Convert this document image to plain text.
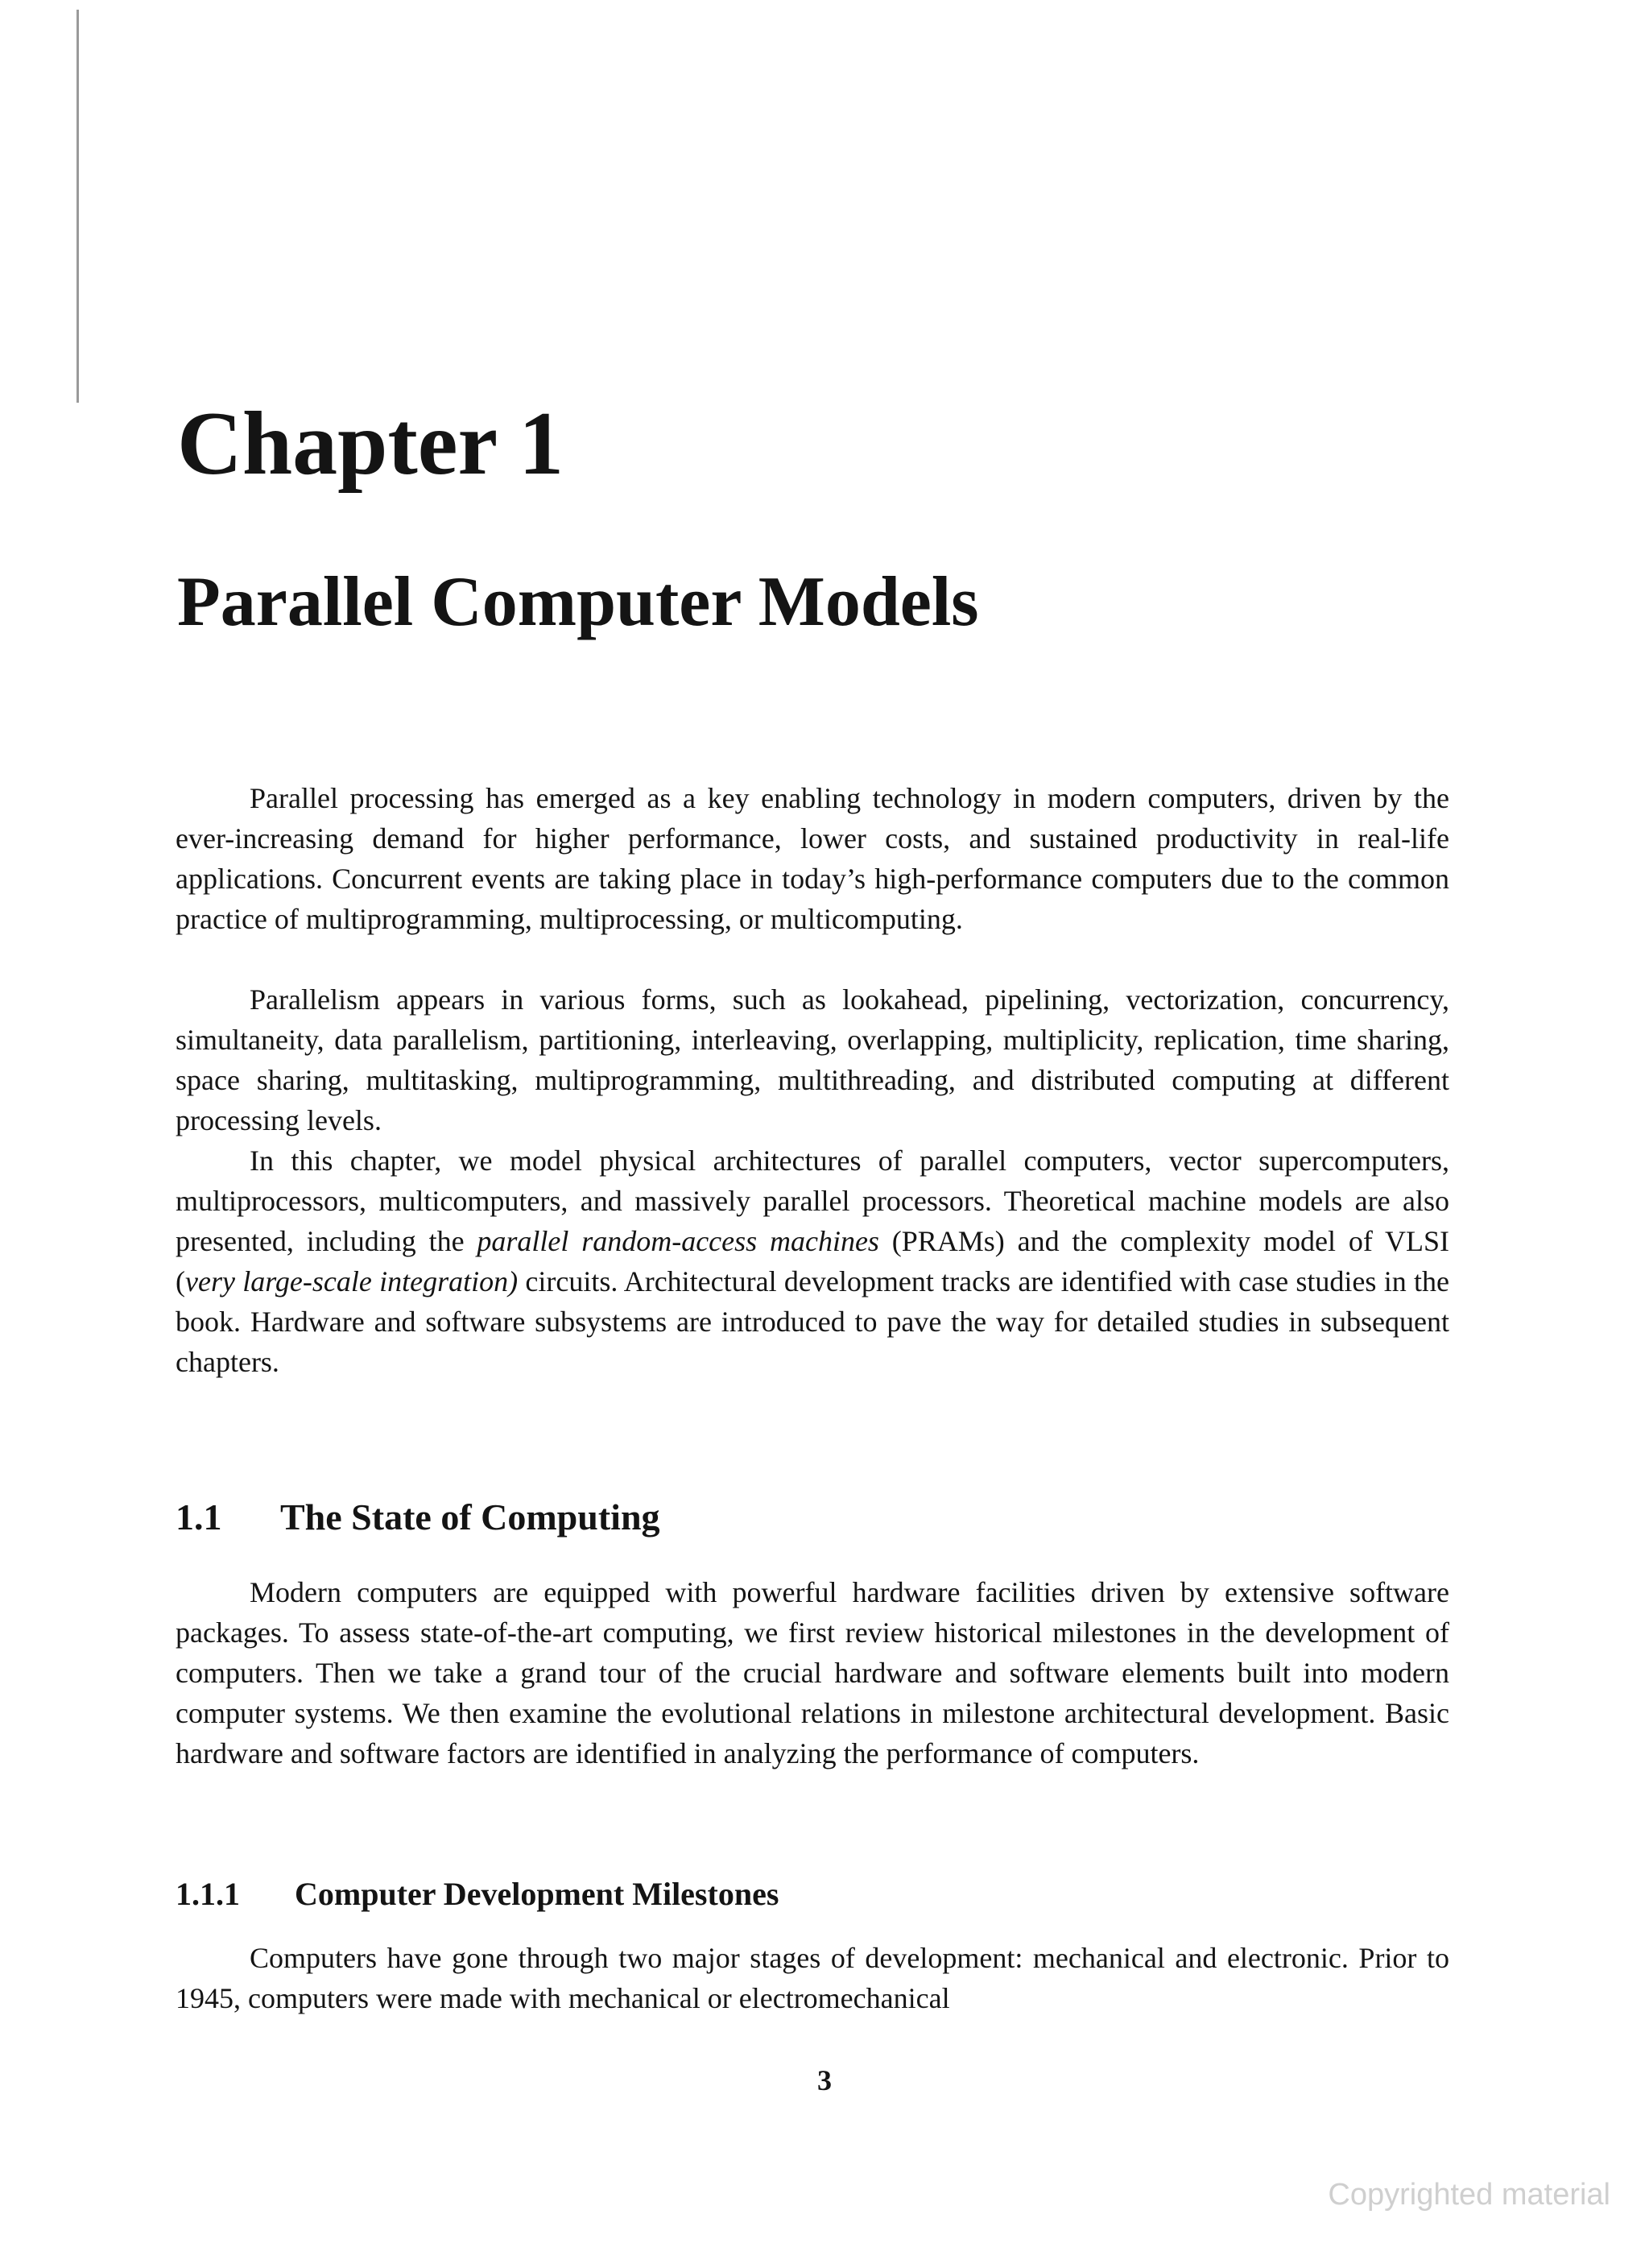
Chapter 1
Parallel Computer Models

Parallel processing has emerged as a key enabling technology in modern computers, driven by the ever-increasing demand for higher performance, lower costs, and sustained productivity in real-life applications. Concurrent events are taking place in today’s high-performance computers due to the common practice of multiprogramming, multiprocessing, or multicomputing.

Parallelism appears in various forms, such as lookahead, pipelining, vectorization, concurrency, simultaneity, data parallelism, partitioning, interleaving, overlapping, multiplicity, replication, time sharing, space sharing, multitasking, multiprogramming, multithreading, and distributed computing at different processing levels.

In this chapter, we model physical architectures of parallel computers, vector supercomputers, multiprocessors, multicomputers, and massively parallel processors. Theoretical machine models are also presented, including the parallel random-access machines (PRAMs) and the complexity model of VLSI (very large-scale integration) circuits. Architectural development tracks are identified with case studies in the book. Hardware and software subsystems are introduced to pave the way for detailed studies in subsequent chapters.

1.1 The State of Computing

Modern computers are equipped with powerful hardware facilities driven by extensive software packages. To assess state-of-the-art computing, we first review historical milestones in the development of computers. Then we take a grand tour of the crucial hardware and software elements built into modern computer systems. We then examine the evolutional relations in milestone architectural development. Basic hardware and software factors are identified in analyzing the performance of computers.

1.1.1 Computer Development Milestones

Computers have gone through two major stages of development: mechanical and electronic. Prior to 1945, computers were made with mechanical or electromechanical

3

Copyrighted material
